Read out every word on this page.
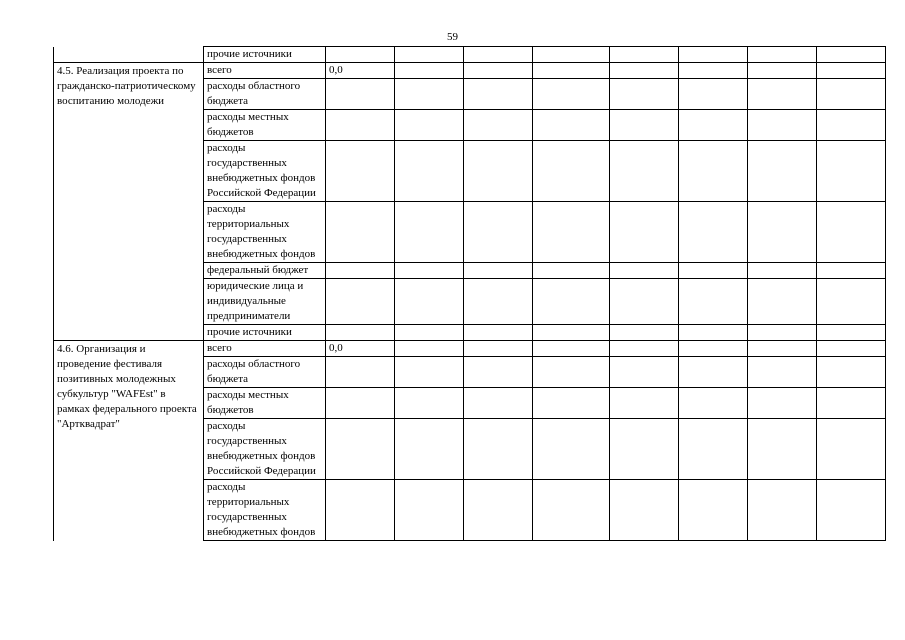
59
	прочие источники								
4.5. Реализация проекта по гражданско-патриотическому воспитанию молодежи	всего	0,0							
	расходы областного бюджета								
	расходы местных бюджетов								
	расходы государственных внебюджетных фондов Российской Федерации								
	расходы территориальных государственных внебюджетных фондов								
	федеральный бюджет								
	юридические лица и индивидуальные предприниматели								
	прочие источники								
4.6. Организация и проведение фестиваля позитивных молодежных субкультур "WAFEst" в рамках федерального проекта "Артквадрат"	всего	0,0							
	расходы областного бюджета								
	расходы местных бюджетов								
	расходы государственных внебюджетных фондов Российской Федерации								
	расходы территориальных государственных внебюджетных фондов								
